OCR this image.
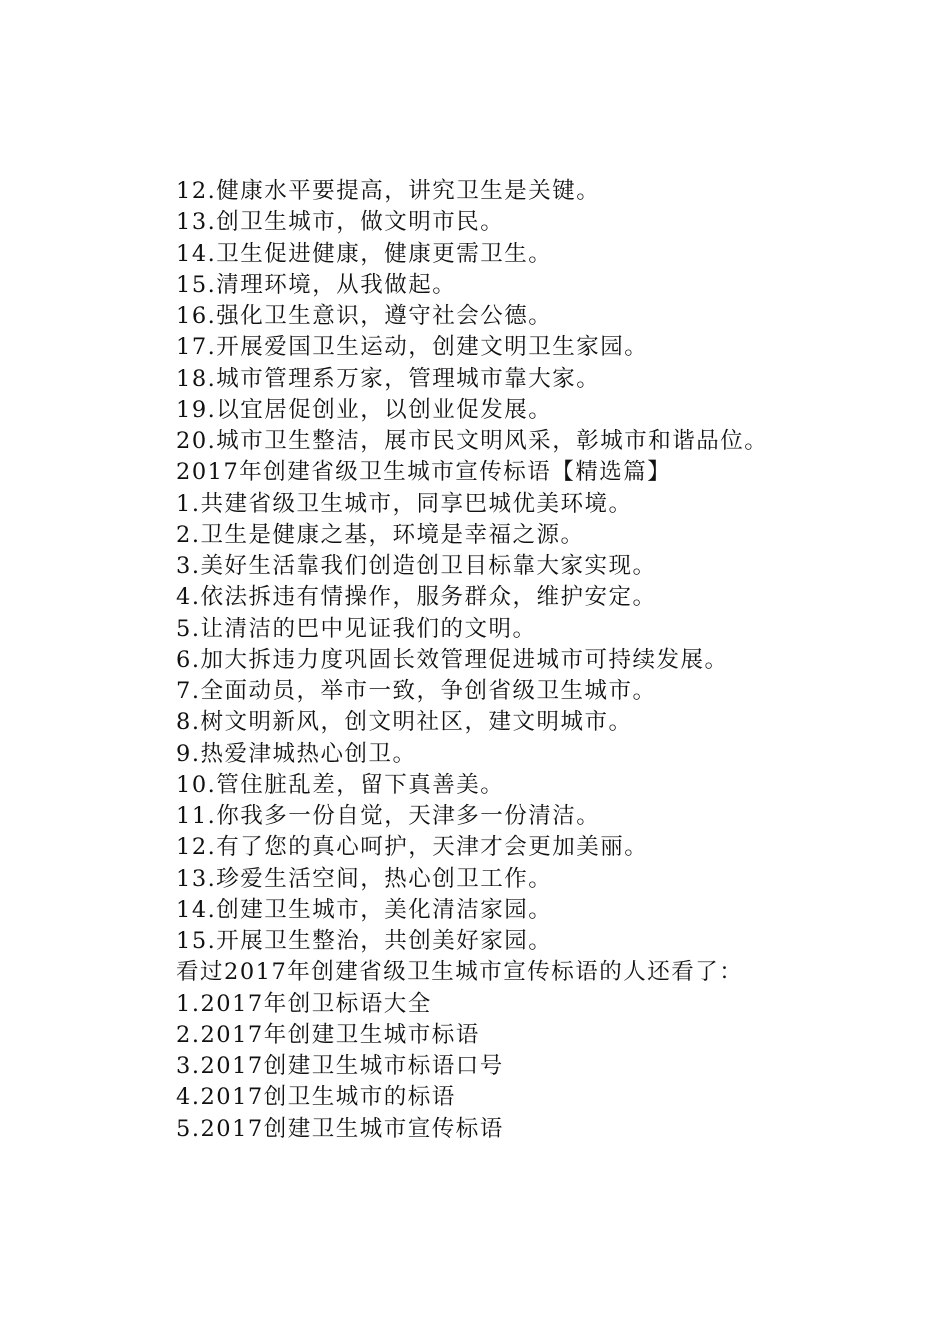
12.健康水平要提高，讲究卫生是关键。
13.创卫生城市，做文明市民。
14.卫生促进健康，健康更需卫生。
15.清理环境，从我做起。
16.强化卫生意识，遵守社会公德。
17.开展爱国卫生运动，创建文明卫生家园。
18.城市管理系万家，管理城市靠大家。
19.以宜居促创业，以创业促发展。
20.城市卫生整洁，展市民文明风采，彰城市和谐品位。
2017年创建省级卫生城市宣传标语【精选篇】
1.共建省级卫生城市，同享巴城优美环境。
2.卫生是健康之基，环境是幸福之源。
3.美好生活靠我们创造创卫目标靠大家实现。
4.依法拆违有情操作，服务群众，维护安定。
5.让清洁的巴中见证我们的文明。
6.加大拆违力度巩固长效管理促进城市可持续发展。
7.全面动员，举市一致，争创省级卫生城市。
8.树文明新风，创文明社区，建文明城市。
9.热爱津城热心创卫。
10.管住脏乱差，留下真善美。
11.你我多一份自觉，天津多一份清洁。
12.有了您的真心呵护，天津才会更加美丽。
13.珍爱生活空间，热心创卫工作。
14.创建卫生城市，美化清洁家园。
15.开展卫生整治，共创美好家园。
看过2017年创建省级卫生城市宣传标语的人还看了：
1.2017年创卫标语大全
2.2017年创建卫生城市标语
3.2017创建卫生城市标语口号
4.2017创卫生城市的标语
5.2017创建卫生城市宣传标语
